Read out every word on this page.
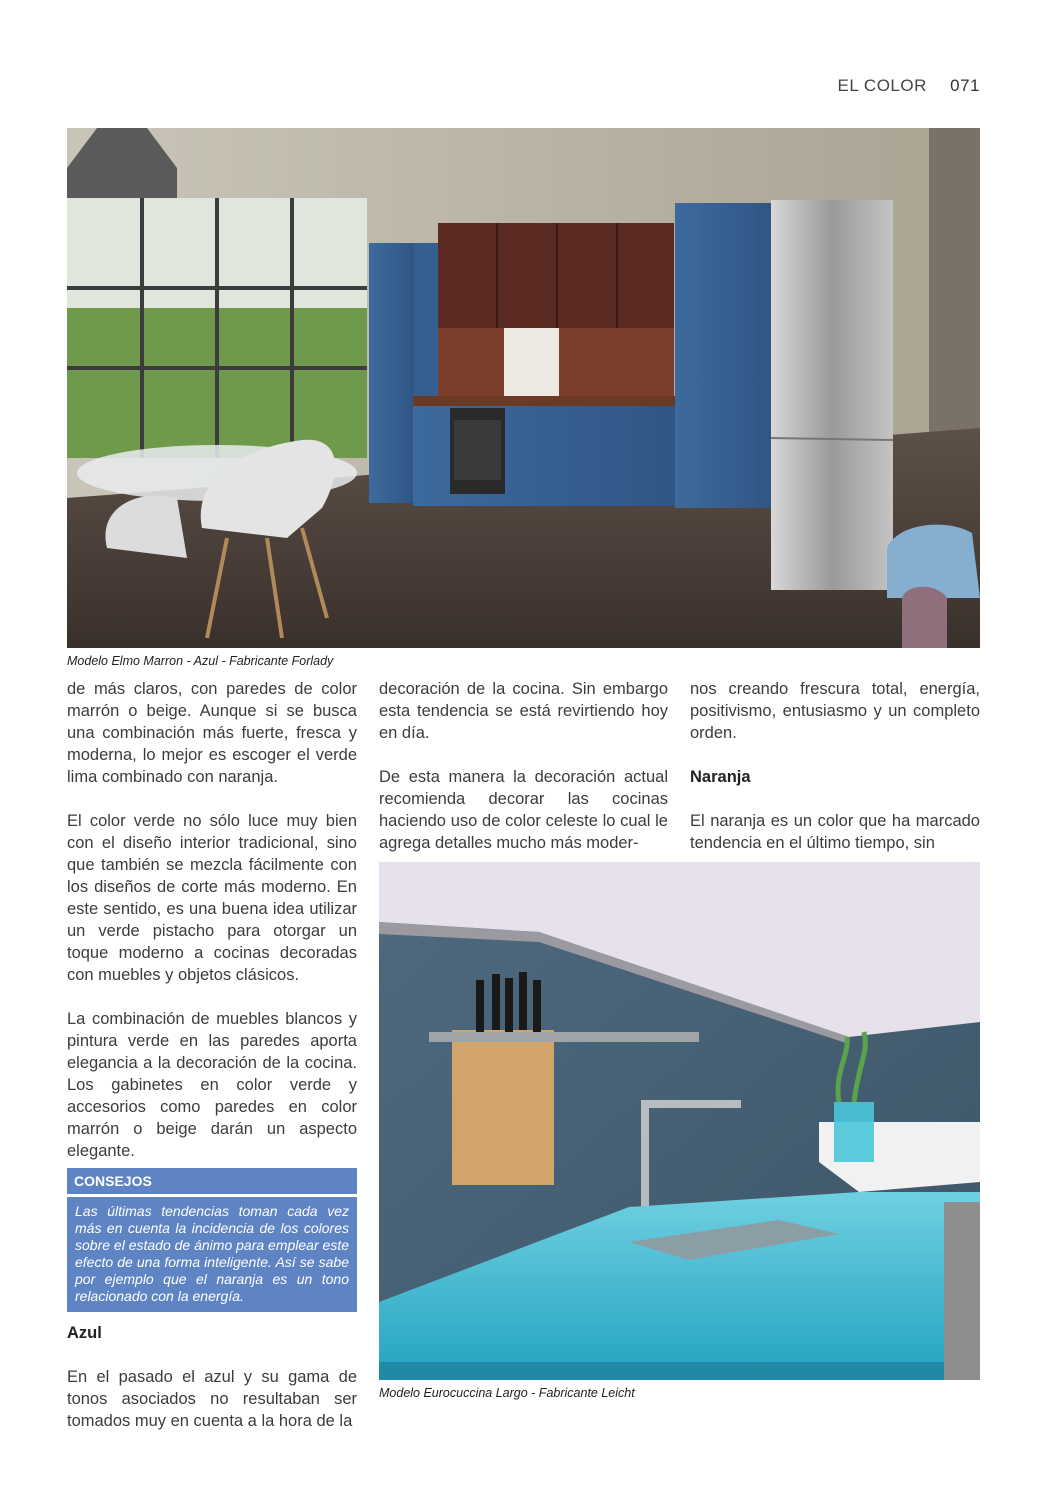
EL COLOR 071
Modelo Elmo Marron - Azul - Fabricante Forlady

de más claros, con paredes de color marrón o beige. Aunque si se busca una combinación más fuerte, fresca y moderna, lo mejor es escoger el verde lima combinado con naranja.

El color verde no sólo luce muy bien con el diseño interior tradicional, sino que también se mezcla fácilmente con los diseños de corte más moderno. En este sentido, es una buena idea utilizar un verde pistacho para otorgar un toque moderno a cocinas decoradas con muebles y objetos clásicos.

La combinación de muebles blancos y pintura verde en las paredes aporta elegancia a la decoración de la cocina. Los gabinetes en color verde y accesorios como paredes en color marrón o beige darán un aspecto elegante.

CONSEJOS
Las últimas tendencias toman cada vez más en cuenta la incidencia de los colores sobre el estado de ánimo para emplear este efecto de una forma inteligente. Así se sabe por ejemplo que el naranja es un tono relacionado con la energía.
Azul

En el pasado el azul y su gama de tonos asociados no resultaban ser tomados muy en cuenta a la hora de la

decoración de la cocina. Sin embargo esta tendencia se está revirtiendo hoy en día.

De esta manera la decoración actual recomienda decorar las cocinas haciendo uso de color celeste lo cual le agrega detalles mucho más moder-

nos creando frescura total, energía, positivismo, entusiasmo y un completo orden.

Naranja

El naranja es un color que ha marcado tendencia en el último tiempo, sin

Modelo Eurocuccina Largo - Fabricante Leicht
